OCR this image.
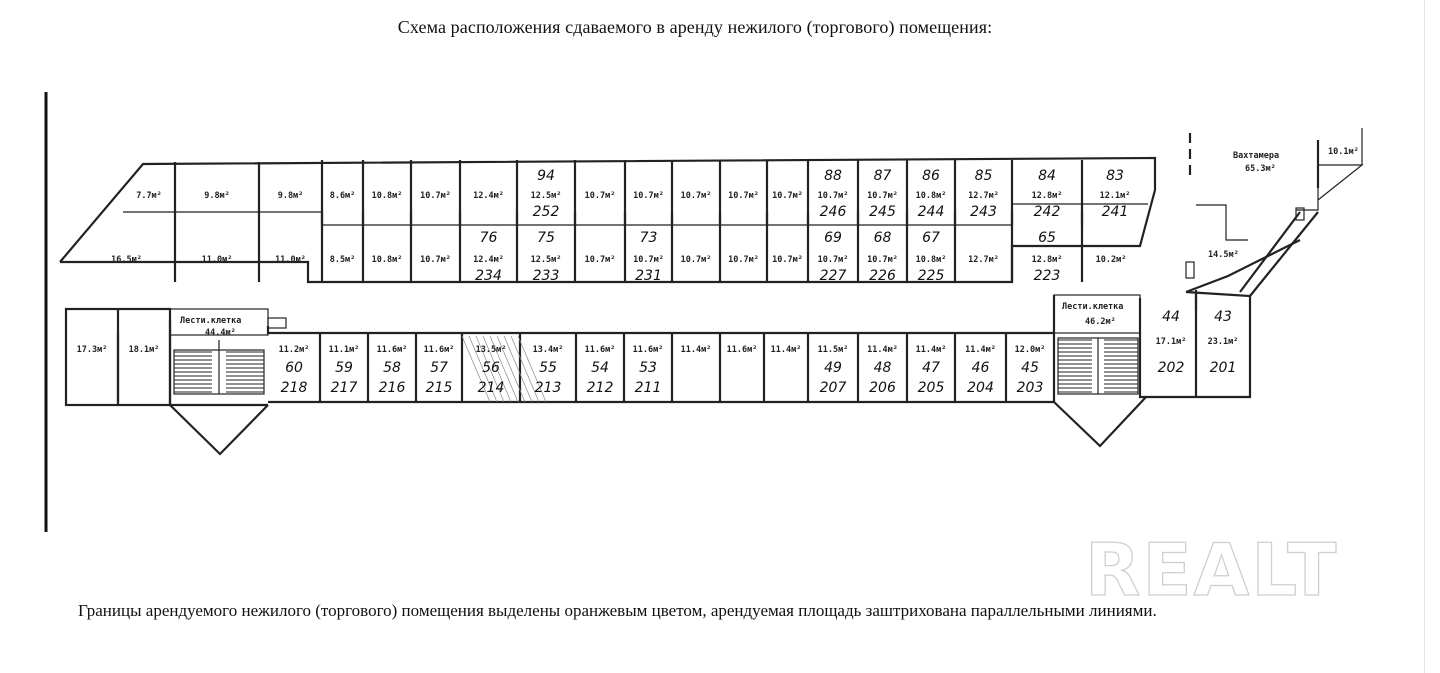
Схема расположения сдаваемого в аренду нежилого (торгового) помещения:
7.7м²	9.8м²	9.8м²	8.6м² 10.8м² 10.7м²	12.4м²	12.5м²
94
252
10.7м² 10.7м² 10.7м² 10.7м² 10.7м² 10.7м²
88
246
10.7м²
87
245
10.8м²
86
244
12.7м²
85
243
12.8м²
84
242
12.1м²
83
241
16.5м²	11.0м²	11.0м²	8.5м² 10.8м² 10.7м²	12.4м²
76
234
12.5м²
75
233
10.7м² 10.7м²
73
231
10.7м² 10.7м² 10.7м² 10.7м²
69
227
10.7м²
68
226
10.8м²
67
225
12.7м²	12.8м²
65
223
10.2м²
17.3м²	18.1м²	11.2м²
60
218
11.1м²
59
217
11.6м²
58
216
11.6м²
57
215
13.5м²
56
214
13.4м²
55
213
11.6м²
54
212
11.6м²
53
211
11.4м² 11.6м² 11.4м² 11.5м²
49
207
11.4м²
48
206
11.4м²
47
205
11.4м²
46
204
12.0м²
45
203
17.1м²
44
202
23.1м²
43
201
Лести.клетка
44.4м²
Лести.клетка
46.2м²
Вахтамера
65.3м²
10.1м²
14.5м²
Границы арендуемого нежилого (торгового) помещения выделены оранжевым цветом, арендуемая площадь заштрихована параллельными линиями.
REALT
